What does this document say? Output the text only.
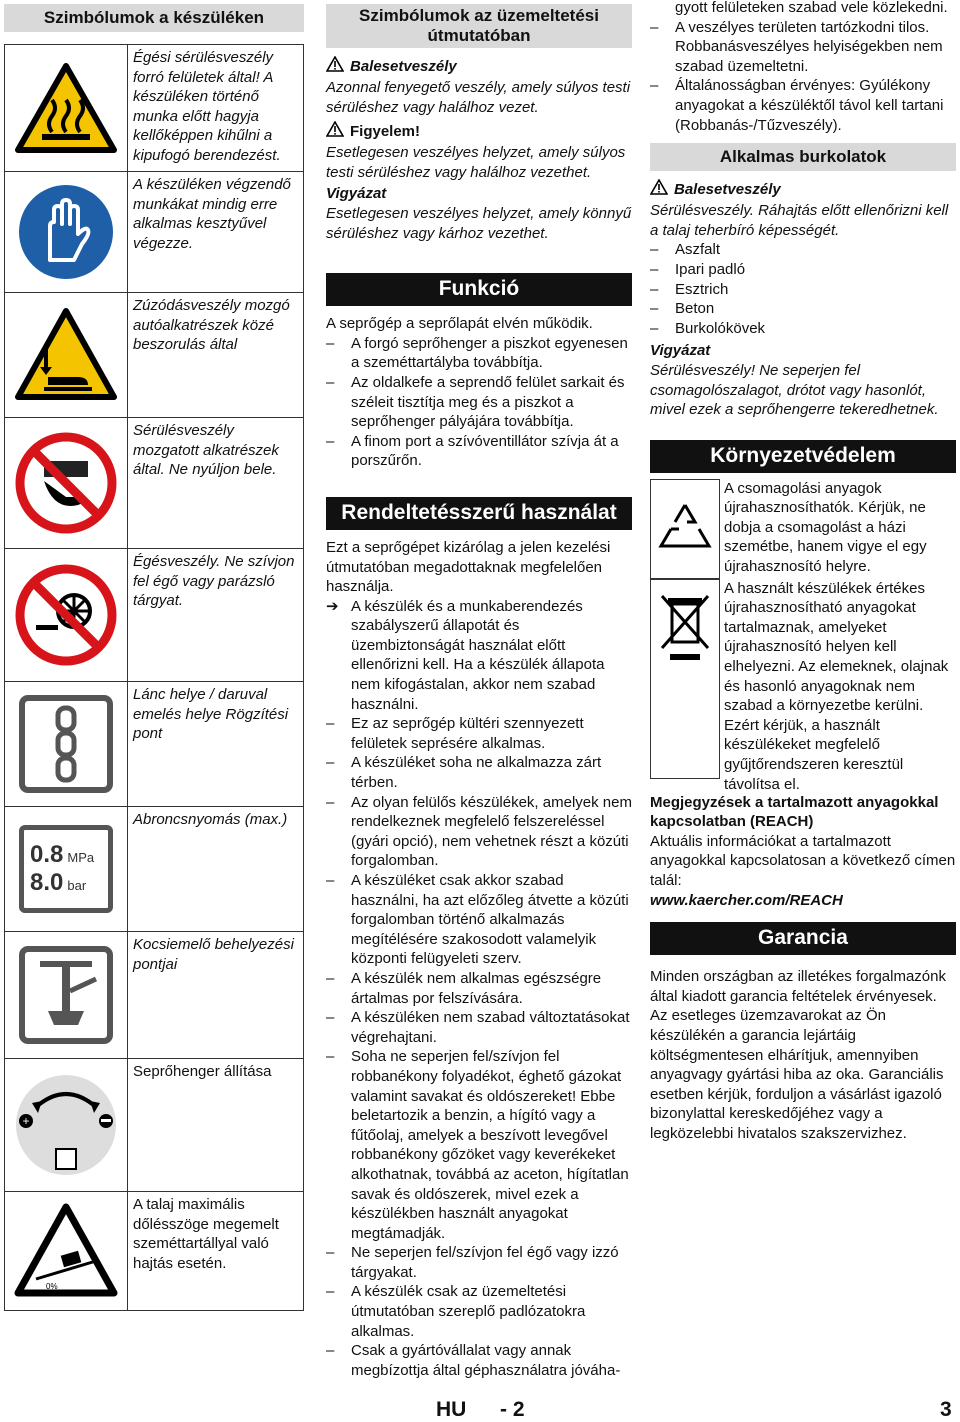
Szimbólumok a készüléken
Égési sérülésveszély forró felületek által! A készüléken történő munka előtt hagyja kellőképpen kihűlni a kipufogó berendezést.
A készüléken végzendő munkákat mindig erre alkalmas kesztyűvel végezze.
Zúzódásveszély mozgó autóalkatrészek közé beszorulás által
Sérülésveszély mozgatott alkatrészek által. Ne nyúljon bele.
Égésveszély. Ne szívjon fel égő vagy parázsló tárgyat.
Lánc helye / daruval emelés helye Rögzítési pont
0.8 MPa
8.0 bar
Abroncsnyomás (max.)
Kocsiemelő behelyezési pontjai
+
Seprőhenger állítása
0%
A talaj maximális dőlésszöge megemelt szeméttartállyal való hajtás esetén.
Szimbólumok az üzemeltetési útmutatóban
Balesetveszély

Azonnal fenyegető veszély, amely súlyos testi sérüléshez vagy halálhoz vezet.

Figyelem!

Esetlegesen veszélyes helyzet, amely súlyos testi sérüléshez vagy halálhoz vezethet.

Vigyázat

Esetlegesen veszélyes helyzet, amely könnyű sérüléshez vagy kárhoz vezethet.

Funkció

A seprőgép a seprőlapát elvén működik.

–	A forgó seprőhenger a piszkot egyenesen a szeméttartályba továbbítja.
–	Az oldalkefe a seprendő felület sarkait és széleit tisztítja meg és a piszkot a seprőhenger pályájára továbbítja.
–	A finom port a szívóventillátor szívja át a porszűrőn.
Rendeltetésszerű használat

Ezt a seprőgépet kizárólag a jelen kezelési útmutatóban megadottaknak megfelelően használja.

➔ A készülék és a munkaberendezés szabályszerű állapotát és üzembiztonságát használat előtt ellenőrizni kell. Ha a készülék állapota nem kifogástalan, akkor nem szabad használni.
–	Ez az seprőgép kültéri szennyezett felületek seprésére alkalmas.
–	A készüléket soha ne alkalmazza zárt térben.
–	Az olyan felülős készülékek, amelyek nem rendelkeznek megfelelő felszereléssel (gyári opció), nem vehetnek részt a közúti forgalomban.
–	A készüléket csak akkor szabad használni, ha azt előzőleg átvette a közúti forgalomban történő alkalmazás megítélésére szakosodott valamelyik központi felügyeleti szerv.
–	A készülék nem alkalmas egészségre ártalmas por felszívására.
–	A készüléken nem szabad változtatásokat végrehajtani.
–	Soha ne seperjen fel/szívjon fel robbanékony folyadékot, éghető gázokat valamint savakat és oldószereket! Ebbe beletartozik a benzin, a hígító vagy a fűtőolaj, amelyek a beszívott levegővel robbanékony gőzöket vagy keverékeket alkothatnak, továbbá az aceton, hígítatlan savak és oldószerek, mivel ezek a készülékben használt anyagokat megtámadják.
–	Ne seperjen fel/szívjon fel égő vagy izzó tárgyakat.
–	A készülék csak az üzemeltetési útmutatóban szereplő padlózatokra alkalmas.
–	Csak a gyártóvállalat vagy annak megbízottja által géphasználatra jóváha-

gyott felületeken szabad vele közlekedni.

–	A veszélyes területen tartózkodni tilos. Robbanásveszélyes helyiségekben nem szabad üzemeltetni.
–	Általánosságban érvényes: Gyúlékony anyagokat a készüléktől távol kell tartani (Robbanás-/Tűzveszély).
Alkalmas burkolatok
Balesetveszély

Sérülésveszély. Ráhajtás előtt ellenőrizni kell a talaj teherbíró képességét.

–	Aszfalt
–	Ipari padló
–	Esztrich
–	Beton
–	Burkolókövek

Vigyázat

Sérülésveszély! Ne seperjen fel csomagolószalagot, drótot vagy hasonlót, mivel ezek a seprőhengerre tekeredhetnek.

Környezetvédelem
A csomagolási anyagok újrahasznosíthatók. Kérjük, ne dobja a csomagolást a házi szemétbe, hanem vigye el egy újrahasznosító helyre.
A használt készülékek értékes újrahasznosítható anyagokat tartalmaznak, amelyeket újrahasznosító helyen kell elhelyezni. Az elemeknek, olajnak és hasonló anyagoknak nem szabad a környezetbe kerülni. Ezért kérjük, a használt készülékeket megfelelő gyűjtőrendszeren keresztül távolítsa el.

Megjegyzések a tartalmazott anyagokkal kapcsolatban (REACH)

Aktuális információkat a tartalmazott anyagokkal kapcsolatosan a következő címen talál:

www.kaercher.com/REACH

Garancia

Minden országban az illetékes forgalmazónk által kiadott garancia feltételek érvényesek. Az esetleges üzemzavarokat az Ön készülékén a garancia lejártáig költségmentesen elhárítjuk, amennyiben anyagvagy gyártási hiba az oka. Garanciális esetben kérjük, forduljon a vásárlást igazoló bizonylattal kereskedőjéhez vagy a legközelebbi hivatalos szakszervizhez.

HU - 2	3
